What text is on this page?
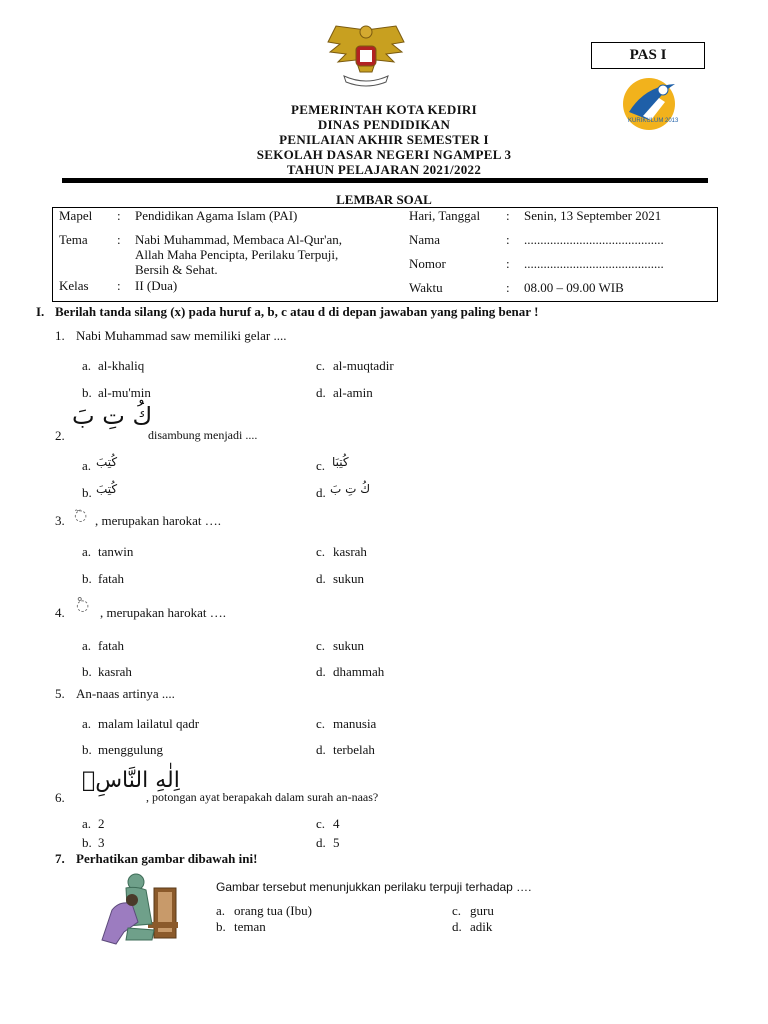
PAS I
KURIKULUM 2013
PEMERINTAH KOTA KEDIRI
DINAS PENDIDIKAN
PENILAIAN AKHIR SEMESTER I
SEKOLAH DASAR NEGERI NGAMPEL 3
TAHUN PELAJARAN 2021/2022
LEMBAR SOAL
Mapel : Pendidikan Agama Islam (PAI)
Tema : Nabi Muhammad, Membaca Al-Qur'an,
Allah Maha Pencipta, Perilaku Terpuji,
Bersih & Sehat.
Kelas : II (Dua)
Hari, Tanggal : Senin, 13 September 2021
Nama	: ...........................................
Nomor	: ...........................................
Waktu	: 08.00 – 09.00 WIB
I. Berilah tanda silang (x) pada huruf a, b, c atau d di depan jawaban yang paling benar !
1. Nabi Muhammad saw memiliki gelar ....
a. al-khaliq
b. al-mu'min
c. al-muqtadir
d. al-amin
2.
كُ تِ بَ
disambung menjadi ....
a. كُتِبَ
b. كُتِبَ
c. كُتِبَا
d. كُ تِ بَ
3. ◌ٓ , merupakan harokat ….
a. tanwin
b. fatah
c. kasrah
d. sukun
4. ◌ْ , merupakan harokat ….
a. fatah
b. kasrah
c. sukun
d. dhammah
5. An-naas artinya ....
a. malam lailatul qadr
b. menggulung
c. manusia
d. terbelah
6.
اِلٰهِ النَّاسِۙ
, potongan ayat berapakah dalam surah an-naas?
a. 2
b. 3
c. 4
d. 5
7. Perhatikan gambar dibawah ini!
Gambar tersebut menunjukkan perilaku terpuji terhadap ….
a. orang tua (Ibu)
b. teman
c. guru
d. adik
